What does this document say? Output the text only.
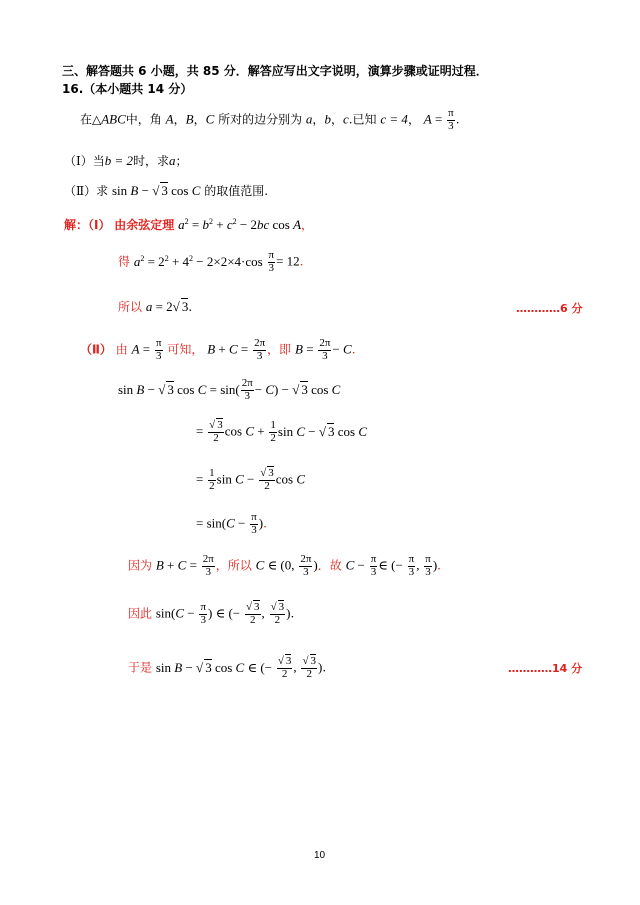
三、解答题共 6 小题，共 85 分．解答应写出文字说明，演算步骤或证明过程．
16.（本小题共 14 分）
在△ABC中，角 A，B，C 所对的边分别为 a，b，c.已知 c = 4， $A = \frac{\pi}{3}$ .
（Ⅰ）当b = 2时，求a；
（Ⅱ）求 sin B − √ 3 cos C 的取值范围.
解：（Ⅰ） 由余弦定理 $a^2 = b^2 + c^2 - 2bc$ cos A，
得 $a^2 = 2^2 + 4^2 - 2\times 2\times 4\cdot\cos \frac{\pi}{3} = 12$.
所以 a = 2√ 3.	…………6 分
（Ⅱ） 由 $A = \frac{\pi}{3}$ 可知， $B + C = \frac{2\pi}{3}$ ，即 $B = \frac{2\pi}{3} - C$.
sin B − √ 3 $\cos C = \sin( \frac{2\pi}{3} - C)$ − √ 3 cos C
= $\frac{√ 3}{2}$ $\cos C + \frac{1}{2}$ sin C − √ 3 cos C
= $\frac{1}{2}$ $\sin C - \frac{√ 3}{2}$ cos C
= $\sin(C - \frac{\pi}{3}$ ).
因为 $B + C = \frac{2\pi}{3}$ ，所以 C ∈ (0, $\frac{2\pi}{3}$ )．故 $C - \frac{\pi}{3}$ ∈ (− $\frac{\pi}{3}$ , $\frac{\pi}{3}$ ).
因此 $\sin(C - \frac{\pi}{3}$ ) ∈ (− $\frac{√ 3}{2}$ , $\frac{√ 3}{2}$ ).
于是 sin B − √ 3 cos C ∈ (− $\frac{√ 3}{2}$ , $\frac{√ 3}{2}$ ).	…………14 分
10
